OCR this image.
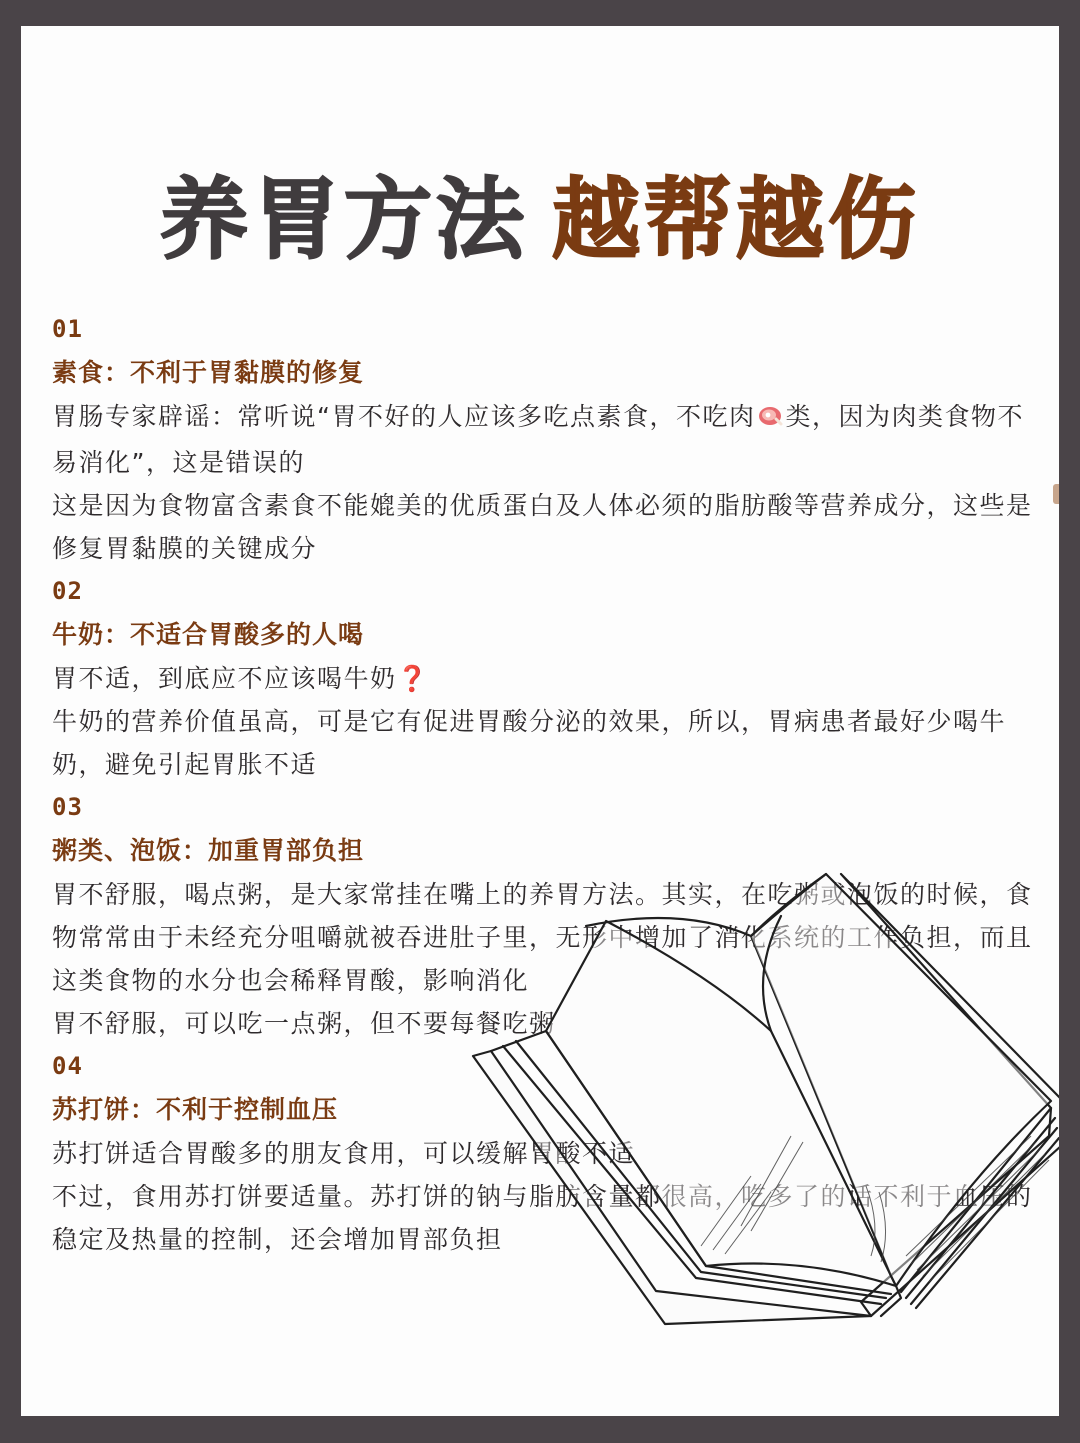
养胃方法 越帮越伤
01
素食：不利于胃黏膜的修复

胃肠专家辟谣：常听说“胃不好的人应该多吃点素食，不吃肉 类，因为肉类食物不易消化”，这是错误的

这是因为食物富含素食不能媲美的优质蛋白及人体必须的脂肪酸等营养成分，这些是修复胃黏膜的关键成分

02
牛奶：不适合胃酸多的人喝

胃不适，到底应不应该喝牛奶❓

牛奶的营养价值虽高，可是它有促进胃酸分泌的效果，所以，胃病患者最好少喝牛奶，避免引起胃胀不适

03
粥类、泡饭：加重胃部负担

胃不舒服，喝点粥，是大家常挂在嘴上的养胃方法。其实，在吃粥或泡饭的时候，食物常常由于未经充分咀嚼就被吞进肚子里，无形中增加了消化系统的工作负担，而且这类食物的水分也会稀释胃酸，影响消化

胃不舒服，可以吃一点粥，但不要每餐吃粥

04
苏打饼：不利于控制血压

苏打饼适合胃酸多的朋友食用，可以缓解胃酸不适

不过，食用苏打饼要适量。苏打饼的钠与脂肪含量都很高，吃多了的话不利于血压的稳定及热量的控制，还会增加胃部负担
